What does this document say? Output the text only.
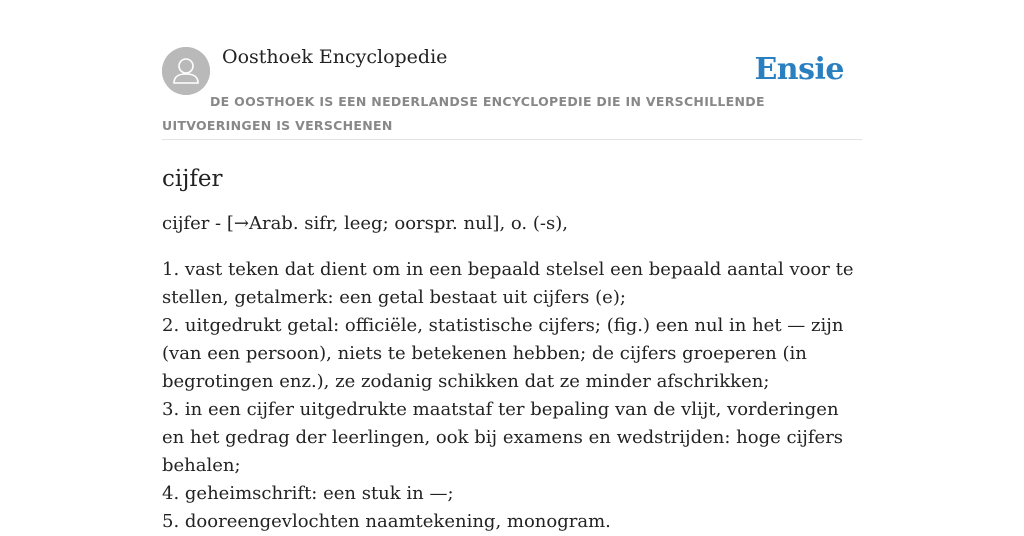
Oosthoek Encyclopedie	Ensie
DE OOSTHOEK IS EEN NEDERLANDSE ENCYCLOPEDIE DIE IN VERSCHILLENDE UITVOERINGEN IS VERSCHENEN
cijfer

cijfer - [→Arab. sifr, leeg; oorspr. nul], o. (-s),

1. vast teken dat dient om in een bepaald stelsel een bepaald aantal voor te stellen, getalmerk: een getal bestaat uit cijfers (e);
2. uitgedrukt getal: officiële, statistische cijfers; (fig.) een nul in het — zijn (van een persoon), niets te betekenen hebben; de cijfers groeperen (in begrotingen enz.), ze zodanig schikken dat ze minder afschrikken;
3. in een cijfer uitgedrukte maatstaf ter bepaling van de vlijt, vorderingen en het gedrag der leerlingen, ook bij examens en wedstrijden: hoge cijfers behalen;
4. geheimschrift: een stuk in —;
5. dooreengevlochten naamtekening, monogram.
